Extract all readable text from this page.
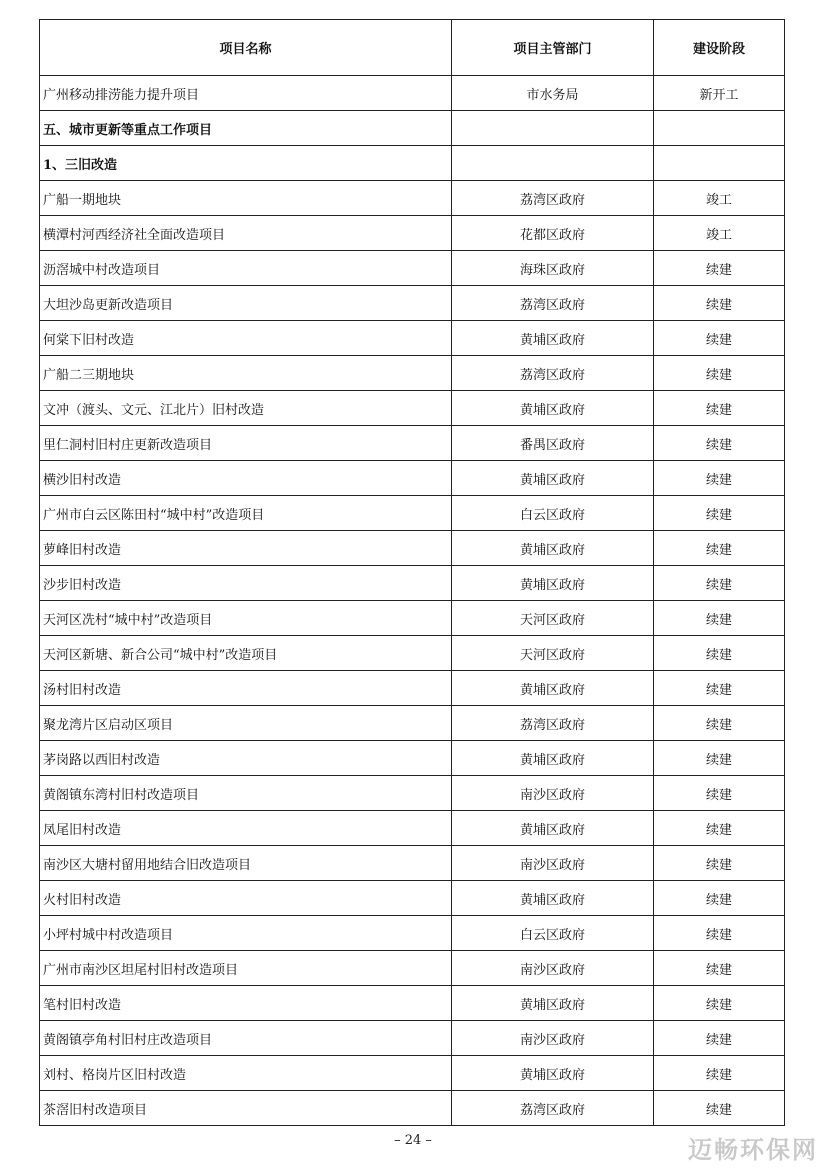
项目名称	项目主管部门	建设阶段
广州移动排涝能力提升项目	市水务局	新开工
五、城市更新等重点工作项目		
1、三旧改造		
广船一期地块	荔湾区政府	竣工
横潭村河西经济社全面改造项目	花都区政府	竣工
沥滘城中村改造项目	海珠区政府	续建
大坦沙岛更新改造项目	荔湾区政府	续建
何棠下旧村改造	黄埔区政府	续建
广船二三期地块	荔湾区政府	续建
文冲（渡头、文元、江北片）旧村改造	黄埔区政府	续建
里仁洞村旧村庄更新改造项目	番禺区政府	续建
横沙旧村改造	黄埔区政府	续建
广州市白云区陈田村“城中村”改造项目	白云区政府	续建
萝峰旧村改造	黄埔区政府	续建
沙步旧村改造	黄埔区政府	续建
天河区冼村“城中村”改造项目	天河区政府	续建
天河区新塘、新合公司“城中村”改造项目	天河区政府	续建
汤村旧村改造	黄埔区政府	续建
聚龙湾片区启动区项目	荔湾区政府	续建
茅岗路以西旧村改造	黄埔区政府	续建
黄阁镇东湾村旧村改造项目	南沙区政府	续建
凤尾旧村改造	黄埔区政府	续建
南沙区大塘村留用地结合旧改造项目	南沙区政府	续建
火村旧村改造	黄埔区政府	续建
小坪村城中村改造项目	白云区政府	续建
广州市南沙区坦尾村旧村改造项目	南沙区政府	续建
笔村旧村改造	黄埔区政府	续建
黄阁镇亭角村旧村庄改造项目	南沙区政府	续建
刘村、格岗片区旧村改造	黄埔区政府	续建
茶滘旧村改造项目	荔湾区政府	续建
– 24 –	迈畅环保网
